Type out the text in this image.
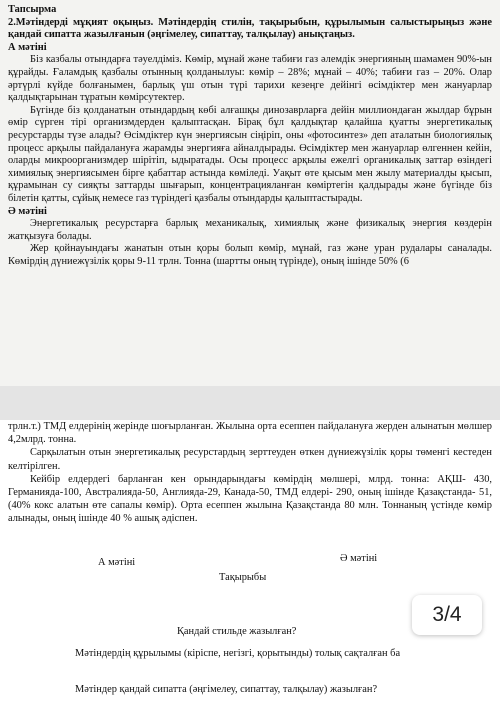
Тапсырма

2.Мәтіндерді мұқият оқыңыз. Мәтіндердің стилін, тақырыбын, құрылымын салыстырыңыз және қандай сипатта жазылғанын (әңгімелеу, сипаттау, талқылау) анықтаңыз.

А мәтіні

Біз казбалы отындарға тәуелдіміз. Көмір, мұнай және табиғи газ әлемдік энергияның шамамен 90%-ын құрайды. Ғаламдық қазбалы отынның қолданылуы: көмір – 28%; мұнай – 40%; табиғи газ – 20%. Олар әртүрлі күйде болғанымен, барлық үш отын түрі тарихи кезеңге дейінгі өсімдіктер мен жануарлар қалдықтарынан тұратын көмірсутектер.

Бүгінде біз қолданатын отындардың көбі алғашқы динозаврларға дейін миллиондаған жылдар бұрын өмір сүрген тірі организмдерден қалыптасқан. Бірақ бұл қалдықтар қалайша қуатты энергетикалық ресурстарды түзе алады? Өсімдіктер күн энергиясын сіңіріп, оны «фотосинтез» деп аталатын биологиялық процесс арқылы пайдалануға жарамды энергияға айналдырады. Өсімдіктер мен жануарлар өлгеннен кейін, оларды микроорганизмдер шірітіп, ыдыратады. Осы процесс арқылы ежелгі органикалық заттар өзіндегі химиялық энергиясымен бірге қабаттар астында көміледі. Уақыт өте қысым мен жылу материалды қысып, құрамынан су сияқты заттарды шығарып, концентрацияланған көміртегін қалдырады және бүгінде біз білетін қатты, сұйық немесе газ түріндегі қазбалы отындарды қалыптастырады.

Ә мәтіні

Энергетикалық ресурстарға барлық механикалық, химиялық және физикалық энергия көздерін жатқызуға болады.

Жер қойнауындағы жанатын отын қоры болып көмір, мұнай, газ және уран рудалары саналады. Көмірдің дүниежүзілік қоры 9-11 трлн. Тонна (шартты оның түрінде), оның ішінде 50% (6

трлн.т.) ТМД елдерінің жерінде шоғырланған. Жылына орта есеппен пайдалануға жерден алынатын мөлшер 4,2млрд. тонна.

Сарқылатын отын энергетикалық ресурстардың зерттеуден өткен дүниежүзілік қоры төменгі кестеден келтірілген.

Кейбір елдердегі барланған кен орындарындағы көмірдің мөлшері, млрд. тонна: АҚШ- 430, Германияда-100, Австралияда-50, Англияда-29, Канада-50, ТМД елдері- 290, оның ішінде Қазақстанда- 51, (40% кокс алатын өте сапалы көмір). Орта есеппен жылына Қазақстанда 80 млн. Тоннаның үстінде көмір алынады, оның ішінде 40 % ашық әдіспен.

А мәтіні	Ә мәтіні
Тақырыбы
Қандай стильде жазылған?
Мәтіндердің құрылымы (кіріспе, негізгі, қорытынды) толық сақталған ба
Мәтіндер қандай сипатта (әңгімелеу, сипаттау, талқылау) жазылған?
3/4
